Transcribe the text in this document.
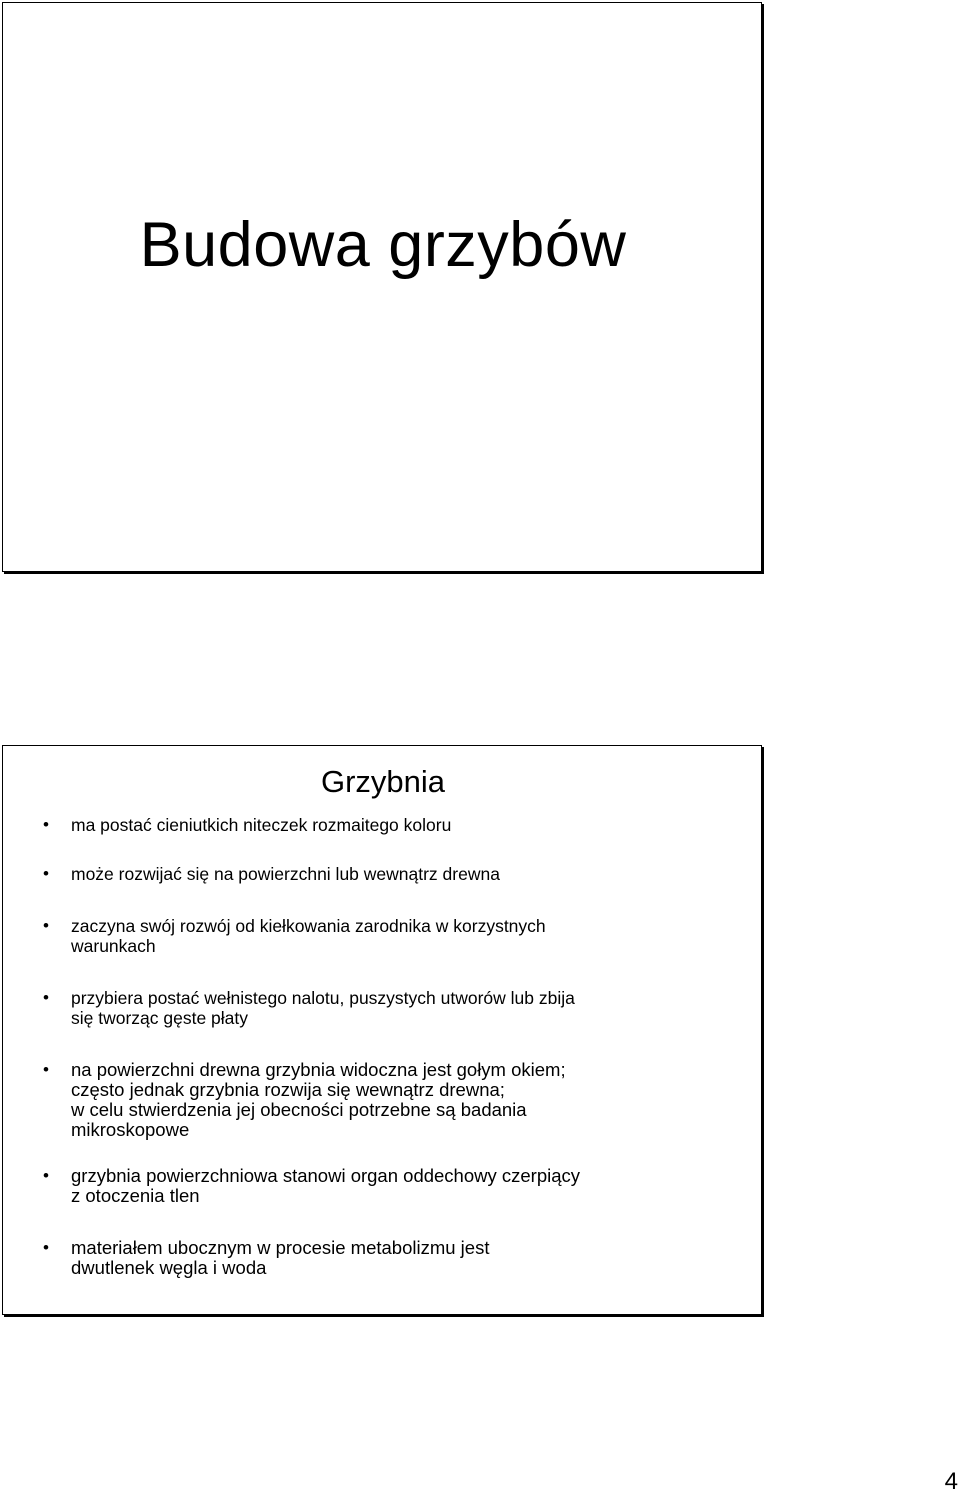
Budowa grzybów
Grzybnia
• ma postać cieniutkich niteczek rozmaitego koloru
• może rozwijać się na powierzchni lub wewnątrz drewna
• zaczyna swój rozwój od kiełkowania zarodnika w korzystnych
warunkach
• przybiera postać wełnistego nalotu, puszystych utworów lub zbija
się tworząc gęste płaty
• na powierzchni drewna grzybnia widoczna jest gołym okiem;
często jednak grzybnia rozwija się wewnątrz drewna;
w celu stwierdzenia jej obecności potrzebne są badania
mikroskopowe
• grzybnia powierzchniowa stanowi organ oddechowy czerpiący
z otoczenia tlen
• materiałem ubocznym w procesie metabolizmu jest
dwutlenek węgla i woda
4
